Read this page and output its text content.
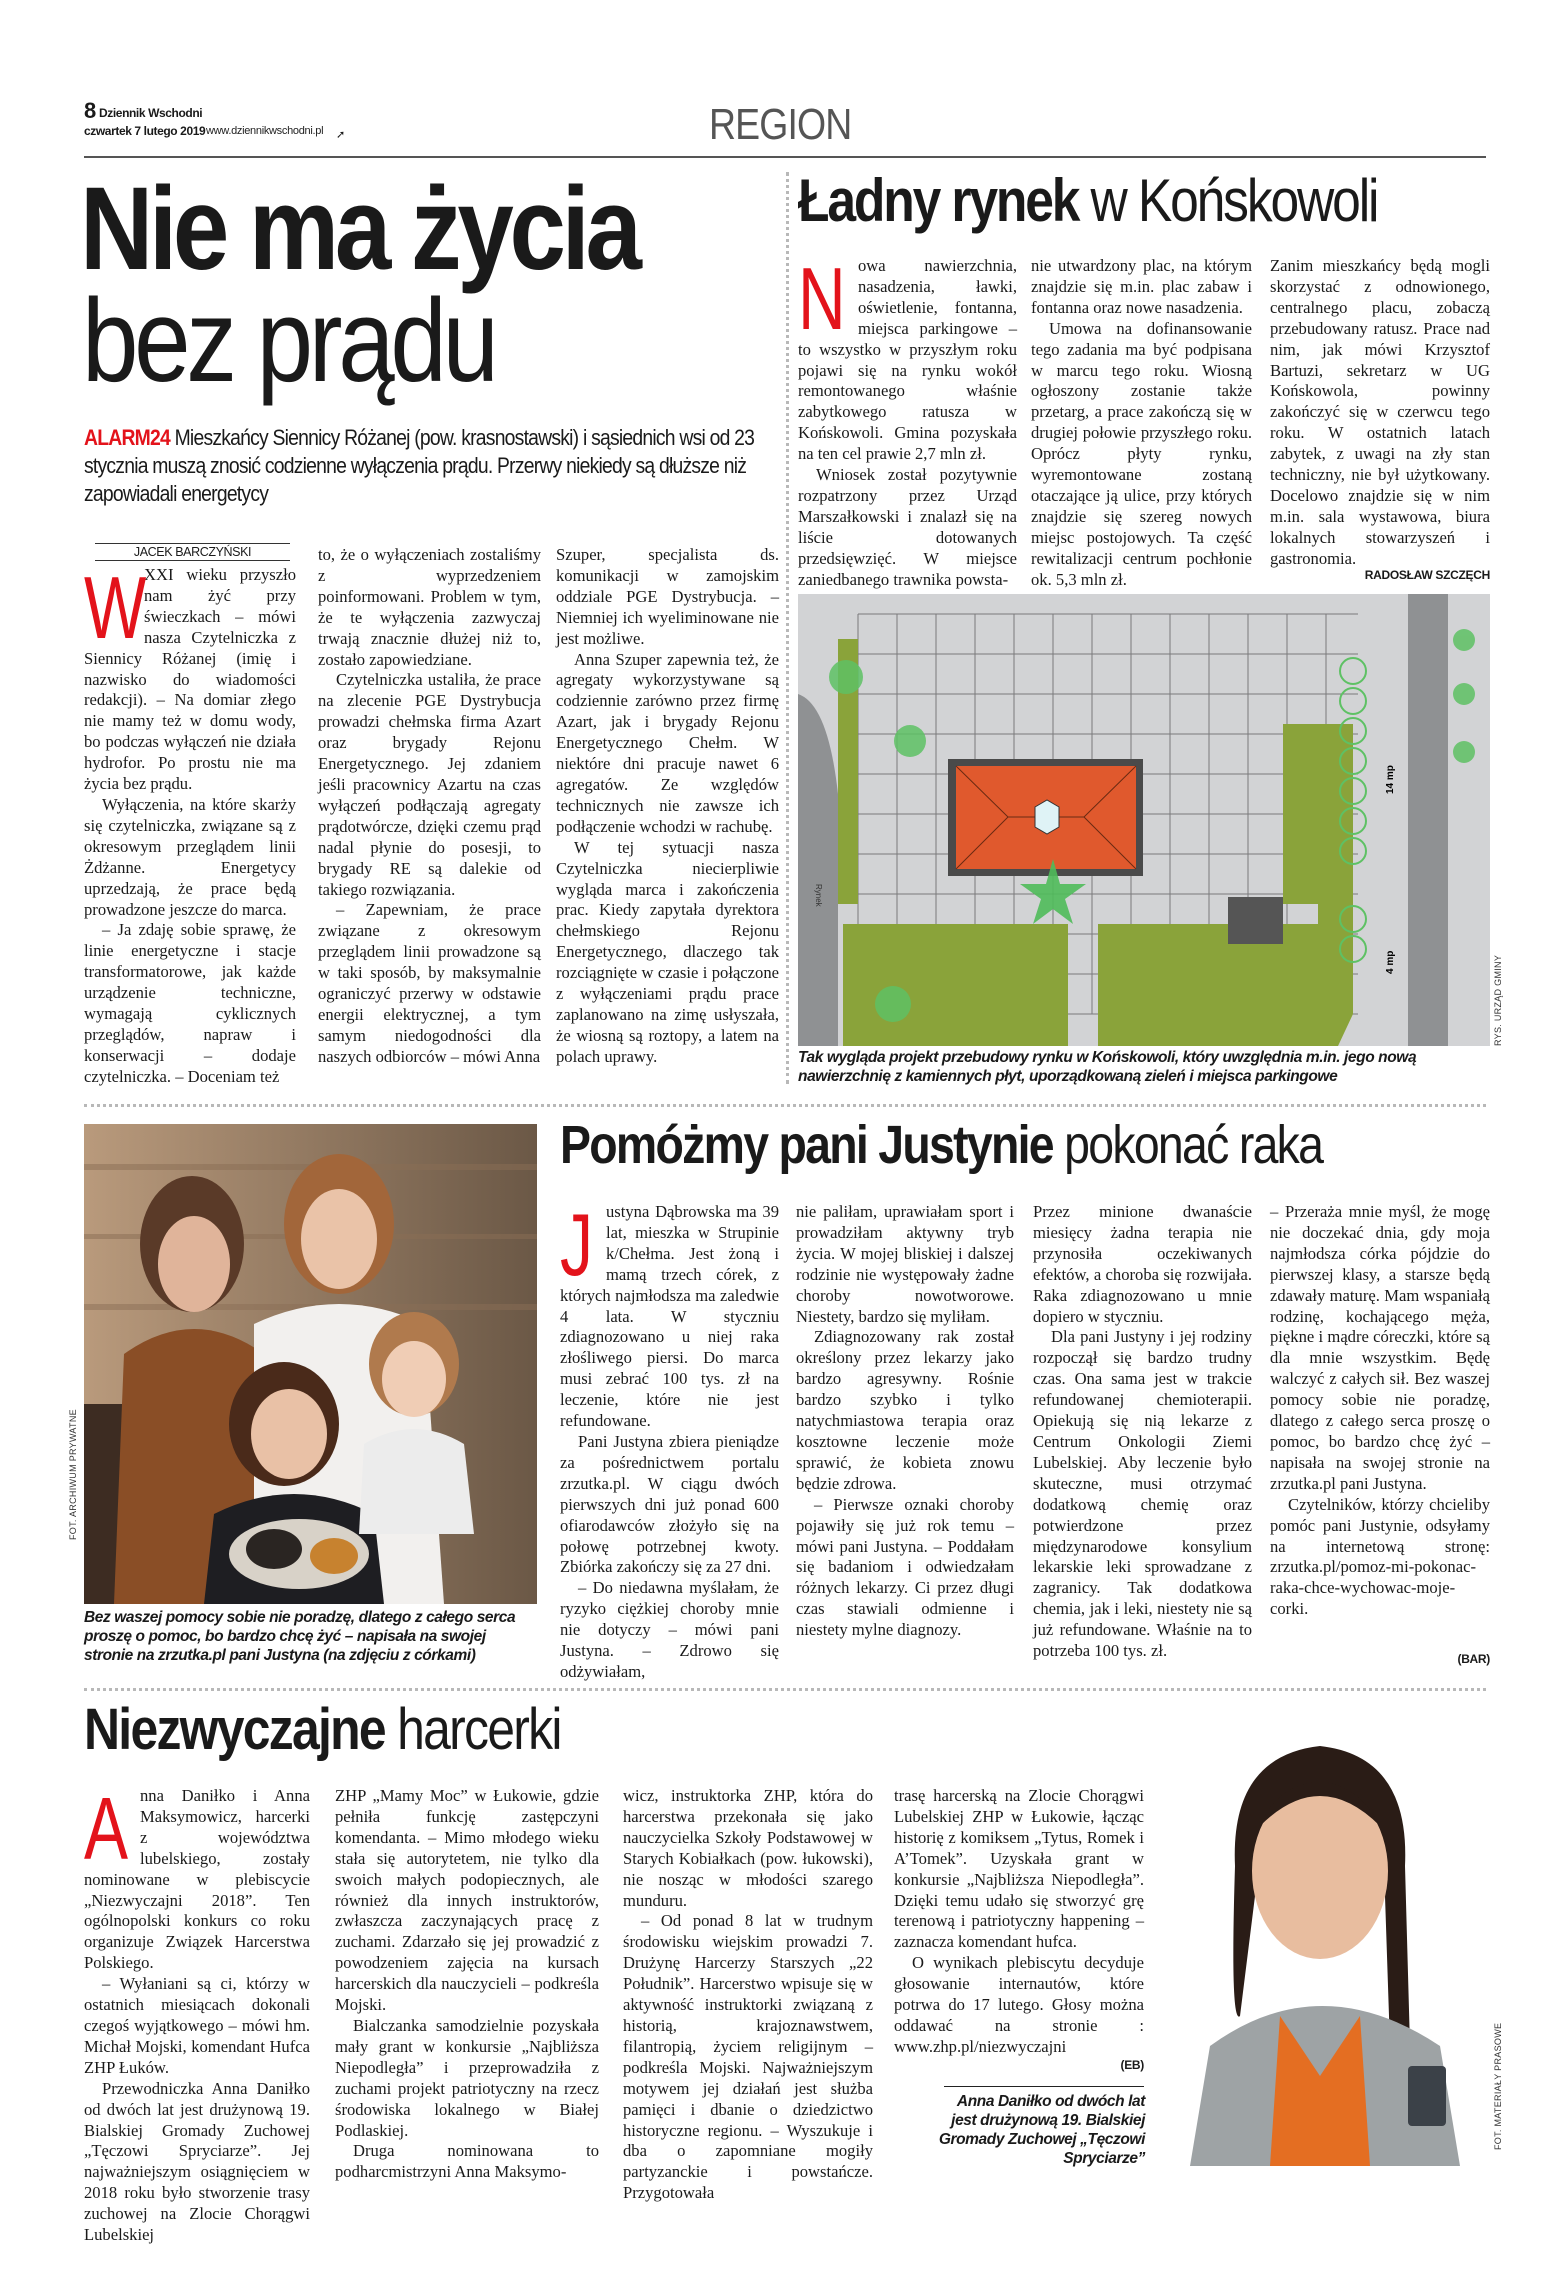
8 Dziennik Wschodni
czwartek 7 lutego 2019 www.dziennikwschodni.pl ➚	REGION
Nie ma życia
bez prądu
ALARM24 Mieszkańcy Siennicy Różanej (pow. krasnostawski) i sąsiednich wsi od 23 stycznia muszą znosić codzienne wyłączenia prądu. Przerwy niekiedy są dłuższe niż zapowiadali energetycy
JACEK BARCZYŃSKI
W

XXI wieku przyszło nam żyć przy świeczkach – mówi nasza Czytelniczka z Siennicy Różanej (imię i nazwisko do wiadomości redakcji). – Na domiar złego nie mamy też w domu wody, bo podczas wyłączeń nie działa hydrofor. Po prostu nie ma życia bez prądu.

Wyłączenia, na które skarży się czytelniczka, związane są z okresowym przeglądem linii Żdżanne. Energetycy uprzedzają, że prace będą prowadzone jeszcze do marca.

– Ja zdaję sobie sprawę, że linie energetyczne i stacje transformatorowe, jak każde urządzenie techniczne, wymagają cyklicznych przeglądów, napraw i konserwacji – dodaje czytelniczka. – Doceniam też

to, że o wyłączeniach zostaliśmy z wyprzedzeniem poinformowani. Problem w tym, że te wyłączenia zazwyczaj trwają znacznie dłużej niż to, zostało zapowiedziane.

Czytelniczka ustaliła, że prace na zlecenie PGE Dystrybucja prowadzi chełmska firma Azart oraz brygady Rejonu Energetycznego. Jej zdaniem jeśli pracownicy Azartu na czas wyłączeń podłączają agregaty prądotwórcze, dzięki czemu prąd nadal płynie do posesji, to brygady RE są dalekie od takiego rozwiązania.

– Zapewniam, że prace związane z okresowym przeglądem linii prowadzone są w taki sposób, by maksymalnie ograniczyć przerwy w odstawie energii elektrycznej, a tym samym niedogodności dla naszych odbiorców – mówi Anna

Szuper, specjalista ds. komunikacji w zamojskim oddziale PGE Dystrybucja. – Niemniej ich wyeliminowane nie jest możliwe.

Anna Szuper zapewnia też, że agregaty wykorzystywane są codziennie zarówno przez firmę Azart, jak i brygady Rejonu Energetycznego Chełm. W niektóre dni pracuje nawet 6 agregatów. Ze względów technicznych nie zawsze ich podłączenie wchodzi w rachubę.

W tej sytuacji nasza Czytelniczka niecierpliwie wygląda marca i zakończenia prac. Kiedy zapytała dyrektora chełmskiego Rejonu Energetycznego, dlaczego tak rozciągnięte w czasie i połączone z wyłączeniami prądu prace zaplanowano na zimę usłyszała, że wiosną są roztopy, a latem na polach uprawy.

Ładny rynek w Końskowoli
N owa nawierzchnia, nasadzenia, ławki, oświetlenie, fontanna, miejsca parkingowe – to wszystko w przyszłym roku pojawi się na rynku wokół remontowanego właśnie zabytkowego ratusza w Końskowoli. Gmina pozyskała na ten cel prawie 2,7 mln zł.

Wniosek został pozytywnie rozpatrzony przez Urząd Marszałkowski i znalazł się na liście dotowanych przedsięwzięć. W miejsce zaniedbanego trawnika powsta-

nie utwardzony plac, na którym znajdzie się m.in. plac zabaw i fontanna oraz nowe nasadzenia.

Umowa na dofinansowanie tego zadania ma być podpisana w marcu tego roku. Wiosną ogłoszony zostanie także przetarg, a prace zakończą się w drugiej połowie przyszłego roku. Oprócz płyty rynku, wyremontowane zostaną otaczające ją ulice, przy których znajdzie się szereg nowych miejsc postojowych. Ta część rewitalizacji centrum pochłonie ok. 5,3 mln zł.

Zanim mieszkańcy będą mogli skorzystać z odnowionego, centralnego placu, zobaczą przebudowany ratusz. Prace nad nim, jak mówi Krzysztof Bartuzi, sekretarz w UG Końskowola, powinny zakończyć się w czerwcu tego roku. W ostatnich latach zabytek, z uwagi na zły stan techniczny, nie był użytkowany. Docelowo znajdzie się w nim m.in. sala wystawowa, biura lokalnych stowarzyszeń i gastronomia.

RADOSŁAW SZCZĘCH
14 mp
4 mp
Rynek
Tak wygląda projekt przebudowy rynku w Końskowoli, który uwzględnia m.in. jego nową nawierzchnię z kamiennych płyt, uporządkowaną zieleń i miejsca parkingowe
RYS. URZĄD GMINY
FOT. ARCHIWUM PRYWATNE
Bez waszej pomocy sobie nie poradzę, dlatego z całego serca proszę o pomoc, bo bardzo chcę żyć – napisała na swojej stronie na zrzutka.pl pani Justyna (na zdjęciu z córkami)
Pomóżmy pani Justynie pokonać raka
J ustyna Dąbrowska ma 39 lat, mieszka w Strupinie k/Chełma. Jest żoną i mamą trzech córek, z których najmłodsza ma zaledwie 4 lata. W styczniu zdiagnozowano u niej raka złośliwego piersi. Do marca musi zebrać 100 tys. zł na leczenie, które nie jest refundowane.

Pani Justyna zbiera pieniądze za pośrednictwem portalu zrzutka.pl. W ciągu dwóch pierwszych dni już ponad 600 ofiarodawców złożyło się na połowę potrzebnej kwoty. Zbiórka zakończy się za 27 dni.

– Do niedawna myślałam, że ryzyko ciężkiej choroby mnie nie dotyczy – mówi pani Justyna. – Zdrowo się odżywiałam,

nie paliłam, uprawiałam sport i prowadziłam aktywny tryb życia. W mojej bliskiej i dalszej rodzinie nie występowały żadne choroby nowotworowe. Niestety, bardzo się myliłam.

Zdiagnozowany rak został określony przez lekarzy jako bardzo agresywny. Rośnie bardzo szybko i tylko natychmiastowa terapia oraz kosztowne leczenie może sprawić, że kobieta znowu będzie zdrowa.

– Pierwsze oznaki choroby pojawiły się już rok temu – mówi pani Justyna. – Poddałam się badaniom i odwiedzałam różnych lekarzy. Ci przez długi czas stawiali odmienne i niestety mylne diagnozy.

Przez minione dwanaście miesięcy żadna terapia nie przynosiła oczekiwanych efektów, a choroba się rozwijała. Raka zdiagnozowano u mnie dopiero w styczniu.

Dla pani Justyny i jej rodziny rozpoczął się bardzo trudny czas. Ona sama jest w trakcie refundowanej chemioterapii. Opiekują się nią lekarze z Centrum Onkologii Ziemi Lubelskiej. Aby leczenie było skuteczne, musi otrzymać dodatkową chemię oraz potwierdzone przez międzynarodowe konsylium lekarskie leki sprowadzane z zagranicy. Tak dodatkowa chemia, jak i leki, niestety nie są już refundowane. Właśnie na to potrzeba 100 tys. zł.

– Przeraża mnie myśl, że mogę nie doczekać dnia, gdy moja najmłodsza córka pójdzie do pierwszej klasy, a starsze będą zdawały maturę. Mam wspaniałą rodzinę, kochającego męża, piękne i mądre córeczki, które są dla mnie wszystkim. Będę walczyć z całych sił. Bez waszej pomocy sobie nie poradzę, dlatego z całego serca proszę o pomoc, bo bardzo chcę żyć – napisała na swojej stronie na zrzutka.pl pani Justyna.

Czytelników, którzy chcieliby pomóc pani Justynie, odsyłamy na internetową stronę: zrzutka.pl/pomoz-mi-pokonac-raka-chce-wychowac-moje-corki.

(BAR)
Niezwyczajne harcerki
A nna Daniłko i Anna Maksymowicz, harcerki z województwa lubelskiego, zostały nominowane w plebiscycie „Niezwyczajni 2018”. Ten ogólnopolski konkurs co roku organizuje Związek Harcerstwa Polskiego.

– Wyłaniani są ci, którzy w ostatnich miesiącach dokonali czegoś wyjątkowego – mówi hm. Michał Mojski, komendant Hufca ZHP Łuków.

Przewodniczka Anna Daniłko od dwóch lat jest drużynową 19. Bialskiej Gromady Zuchowej „Tęczowi Spryciarze”. Jej najważniejszym osiągnięciem w 2018 roku było stworzenie trasy zuchowej na Zlocie Chorągwi Lubelskiej

ZHP „Mamy Moc” w Łukowie, gdzie pełniła funkcję zastępczyni komendanta. – Mimo młodego wieku stała się autorytetem, nie tylko dla swoich małych podopiecznych, ale również dla innych instruktorów, zwłaszcza zaczynających pracę z zuchami. Zdarzało się jej prowadzić z powodzeniem zajęcia na kursach harcerskich dla nauczycieli – podkreśla Mojski.

Bialczanka samodzielnie pozyskała mały grant w konkursie „Najbliższa Niepodległa” i przeprowadziła z zuchami projekt patriotyczny na rzecz środowiska lokalnego w Białej Podlaskiej.

Druga nominowana to podharcmistrzyni Anna Maksymo-

wicz, instruktorka ZHP, która do harcerstwa przekonała się jako nauczycielka Szkoły Podstawowej w Starych Kobiałkach (pow. łukowski), nie nosząc w młodości szarego munduru.

– Od ponad 8 lat w trudnym środowisku wiejskim prowadzi 7. Drużynę Harcerzy Starszych „22 Południk”. Harcerstwo wpisuje się w aktywność instruktorki związaną z historią, krajoznawstwem, filantropią, życiem religijnym – podkreśla Mojski. Najważniejszym motywem jej działań jest służba pamięci i dbanie o dziedzictwo historyczne regionu. – Wyszukuje i dba o zapomniane mogiły partyzanckie i powstańcze. Przygotowała

trasę harcerską na Zlocie Chorągwi Lubelskiej ZHP w Łukowie, łącząc historię z komiksem „Tytus, Romek i A’Tomek”. Uzyskała grant w konkursie „Najbliższa Niepodległa”. Dzięki temu udało się stworzyć grę terenową i patriotyczny happening – zaznacza komendant hufca.

O wynikach plebiscytu decyduje głosowanie internautów, które potrwa do 17 lutego. Głosy można oddawać na stronie : www.zhp.pl/niezwyczajni

(EB)
Anna Daniłko od dwóch lat jest drużynową 19. Bialskiej Gromady Zuchowej „Tęczowi Spryciarze”
FOT. MATERIAŁY PRASOWE
